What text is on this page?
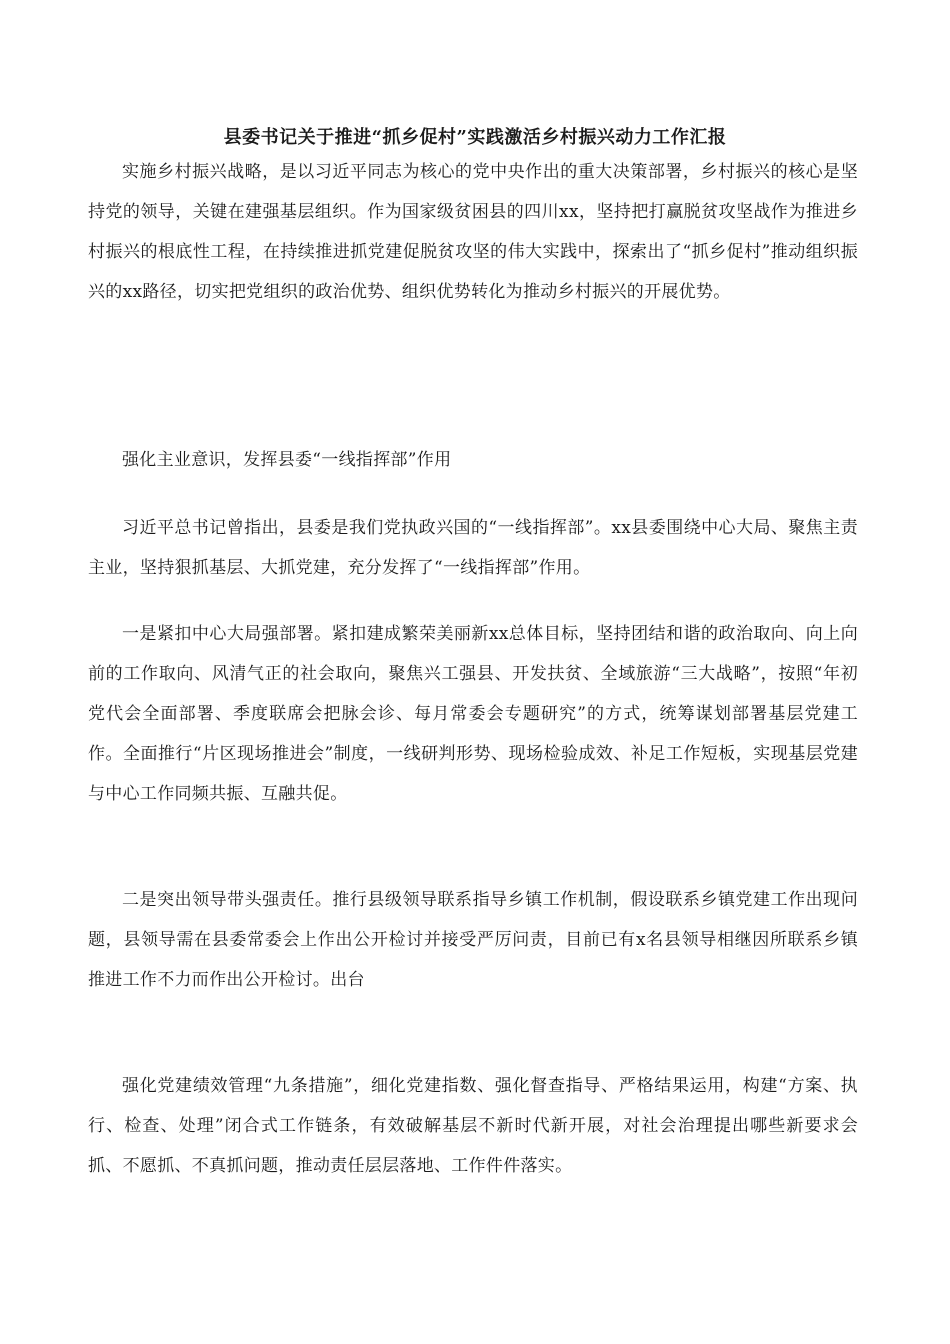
县委书记关于推进“抓乡促村”实践激活乡村振兴动力工作汇报

实施乡村振兴战略，是以习近平同志为核心的党中央作出的重大决策部署，乡村振兴的核心是坚持党的领导，关键在建强基层组织。作为国家级贫困县的四川xx，坚持把打赢脱贫攻坚战作为推进乡村振兴的根底性工程，在持续推进抓党建促脱贫攻坚的伟大实践中，探索出了“抓乡促村”推动组织振兴的xx路径，切实把党组织的政治优势、组织优势转化为推动乡村振兴的开展优势。

强化主业意识，发挥县委“一线指挥部”作用

习近平总书记曾指出，县委是我们党执政兴国的“一线指挥部”。xx县委围绕中心大局、聚焦主责主业，坚持狠抓基层、大抓党建，充分发挥了“一线指挥部”作用。

一是紧扣中心大局强部署。紧扣建成繁荣美丽新xx总体目标，坚持团结和谐的政治取向、向上向前的工作取向、风清气正的社会取向，聚焦兴工强县、开发扶贫、全域旅游“三大战略”，按照“年初党代会全面部署、季度联席会把脉会诊、每月常委会专题研究”的方式，统筹谋划部署基层党建工作。全面推行“片区现场推进会”制度，一线研判形势、现场检验成效、补足工作短板，实现基层党建与中心工作同频共振、互融共促。

二是突出领导带头强责任。推行县级领导联系指导乡镇工作机制，假设联系乡镇党建工作出现问题，县领导需在县委常委会上作出公开检讨并接受严厉问责，目前已有x名县领导相继因所联系乡镇推进工作不力而作出公开检讨。出台

强化党建绩效管理“九条措施”，细化党建指数、强化督查指导、严格结果运用，构建“方案、执行、检查、处理”闭合式工作链条，有效破解基层不新时代新开展，对社会治理提出哪些新要求会抓、不愿抓、不真抓问题，推动责任层层落地、工作件件落实。
